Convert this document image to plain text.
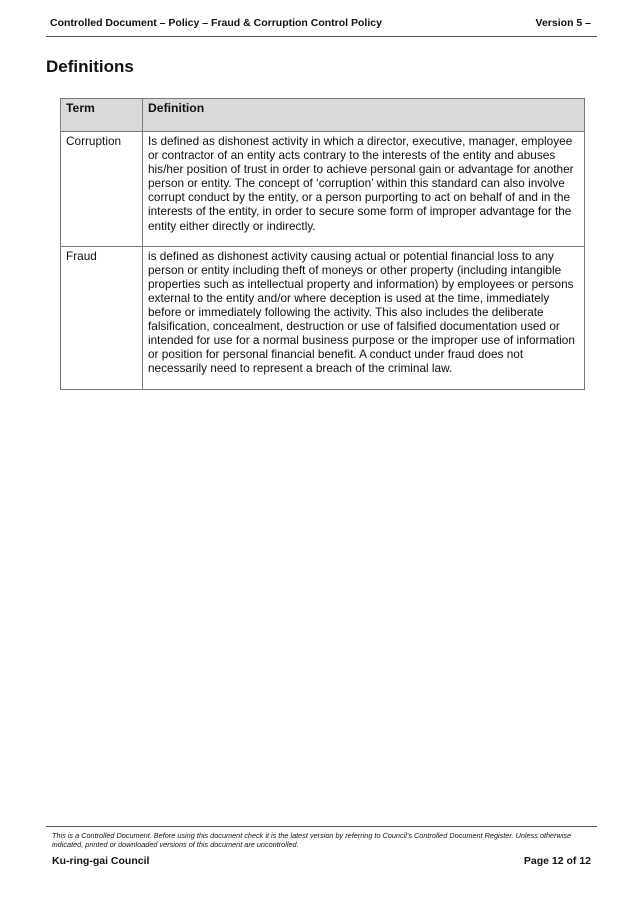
Controlled Document – Policy – Fraud & Corruption Control Policy	Version 5 –
Definitions
Term	Definition
Corruption	Is defined as dishonest activity in which a director, executive, manager, employee or contractor of an entity acts contrary to the interests of the entity and abuses his/her position of trust in order to achieve personal gain or advantage for another person or entity. The concept of ‘corruption’ within this standard can also involve corrupt conduct by the entity, or a person purporting to act on behalf of and in the interests of the entity, in order to secure some form of improper advantage for the entity either directly or indirectly.
Fraud	is defined as dishonest activity causing actual or potential financial loss to any person or entity including theft of moneys or other property (including intangible properties such as intellectual property and information) by employees or persons external to the entity and/or where deception is used at the time, immediately before or immediately following the activity. This also includes the deliberate falsification, concealment, destruction or use of falsified documentation used or intended for use for a normal business purpose or the improper use of information or position for personal financial benefit. A conduct under fraud does not necessarily need to represent a breach of the criminal law.

This is a Controlled Document. Before using this document check it is the latest version by referring to Council’s Controlled Document Register. Unless otherwise indicated, printed or downloaded versions of this document are uncontrolled.

Ku-ring-gai Council	Page 12 of 12
